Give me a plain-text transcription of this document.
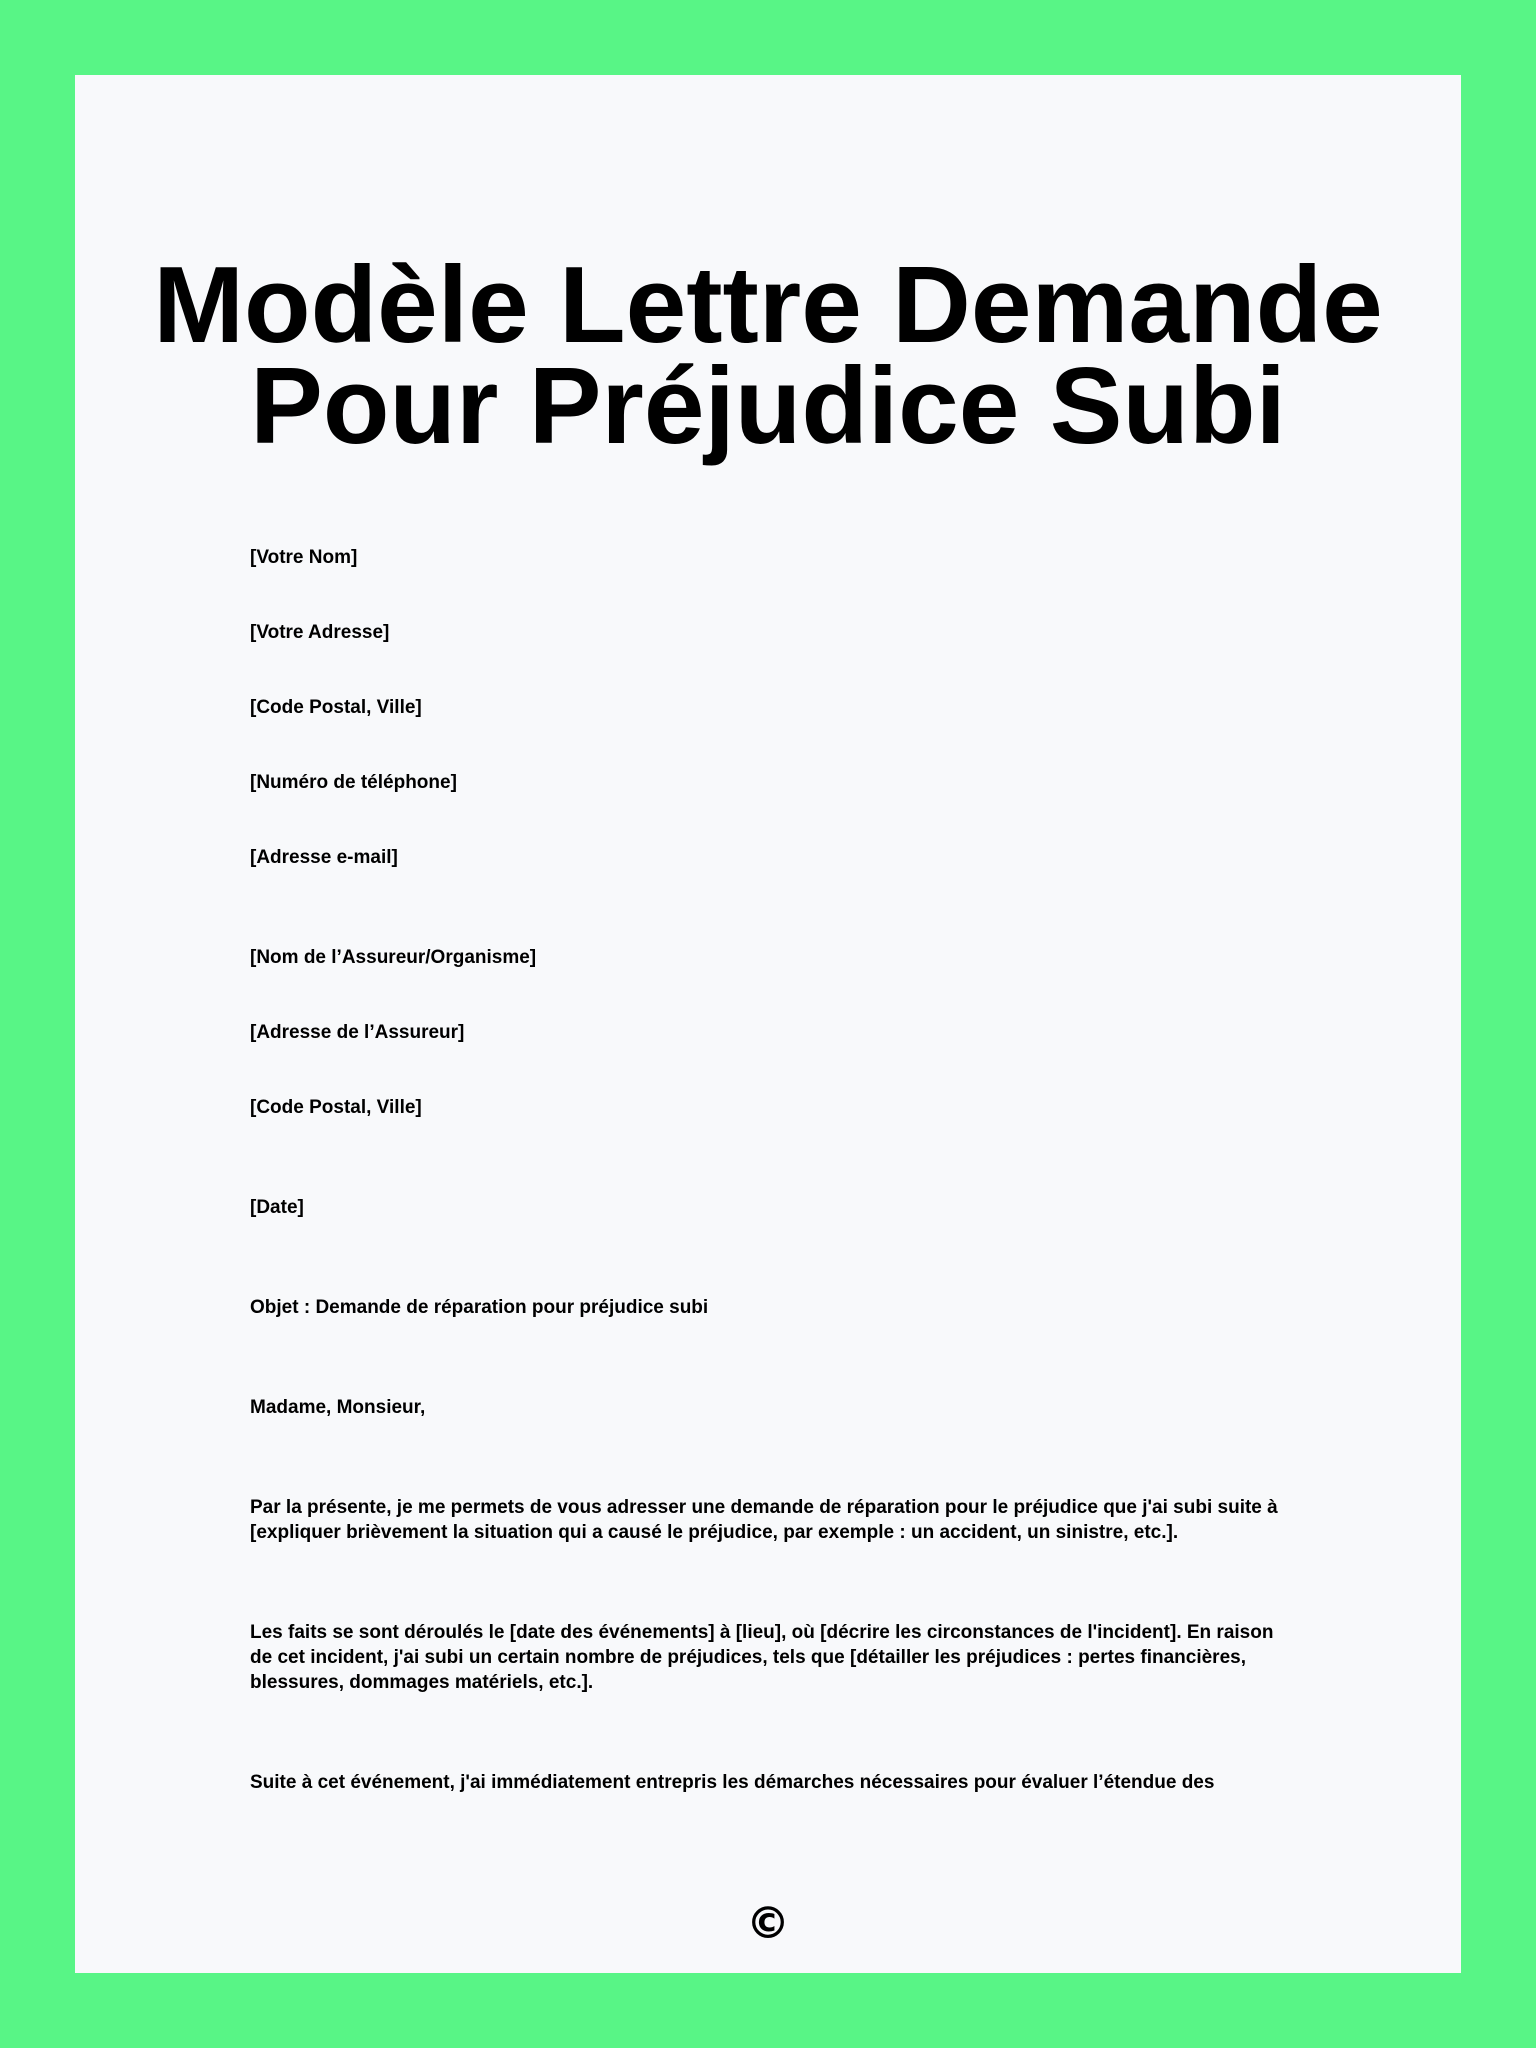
Modèle Lettre Demande Pour Préjudice Subi

[Votre Nom]

[Votre Adresse]

[Code Postal, Ville]

[Numéro de téléphone]

[Adresse e-mail]

[Nom de l’Assureur/Organisme]

[Adresse de l’Assureur]

[Code Postal, Ville]

[Date]

Objet : Demande de réparation pour préjudice subi

Madame, Monsieur,

Par la présente, je me permets de vous adresser une demande de réparation pour le préjudice que j'ai subi suite à [expliquer brièvement la situation qui a causé le préjudice, par exemple : un accident, un sinistre, etc.].

Les faits se sont déroulés le [date des événements] à [lieu], où [décrire les circonstances de l'incident]. En raison de cet incident, j'ai subi un certain nombre de préjudices, tels que [détailler les préjudices : pertes financières, blessures, dommages matériels, etc.].

Suite à cet événement, j'ai immédiatement entrepris les démarches nécessaires pour évaluer l’étendue des

©
